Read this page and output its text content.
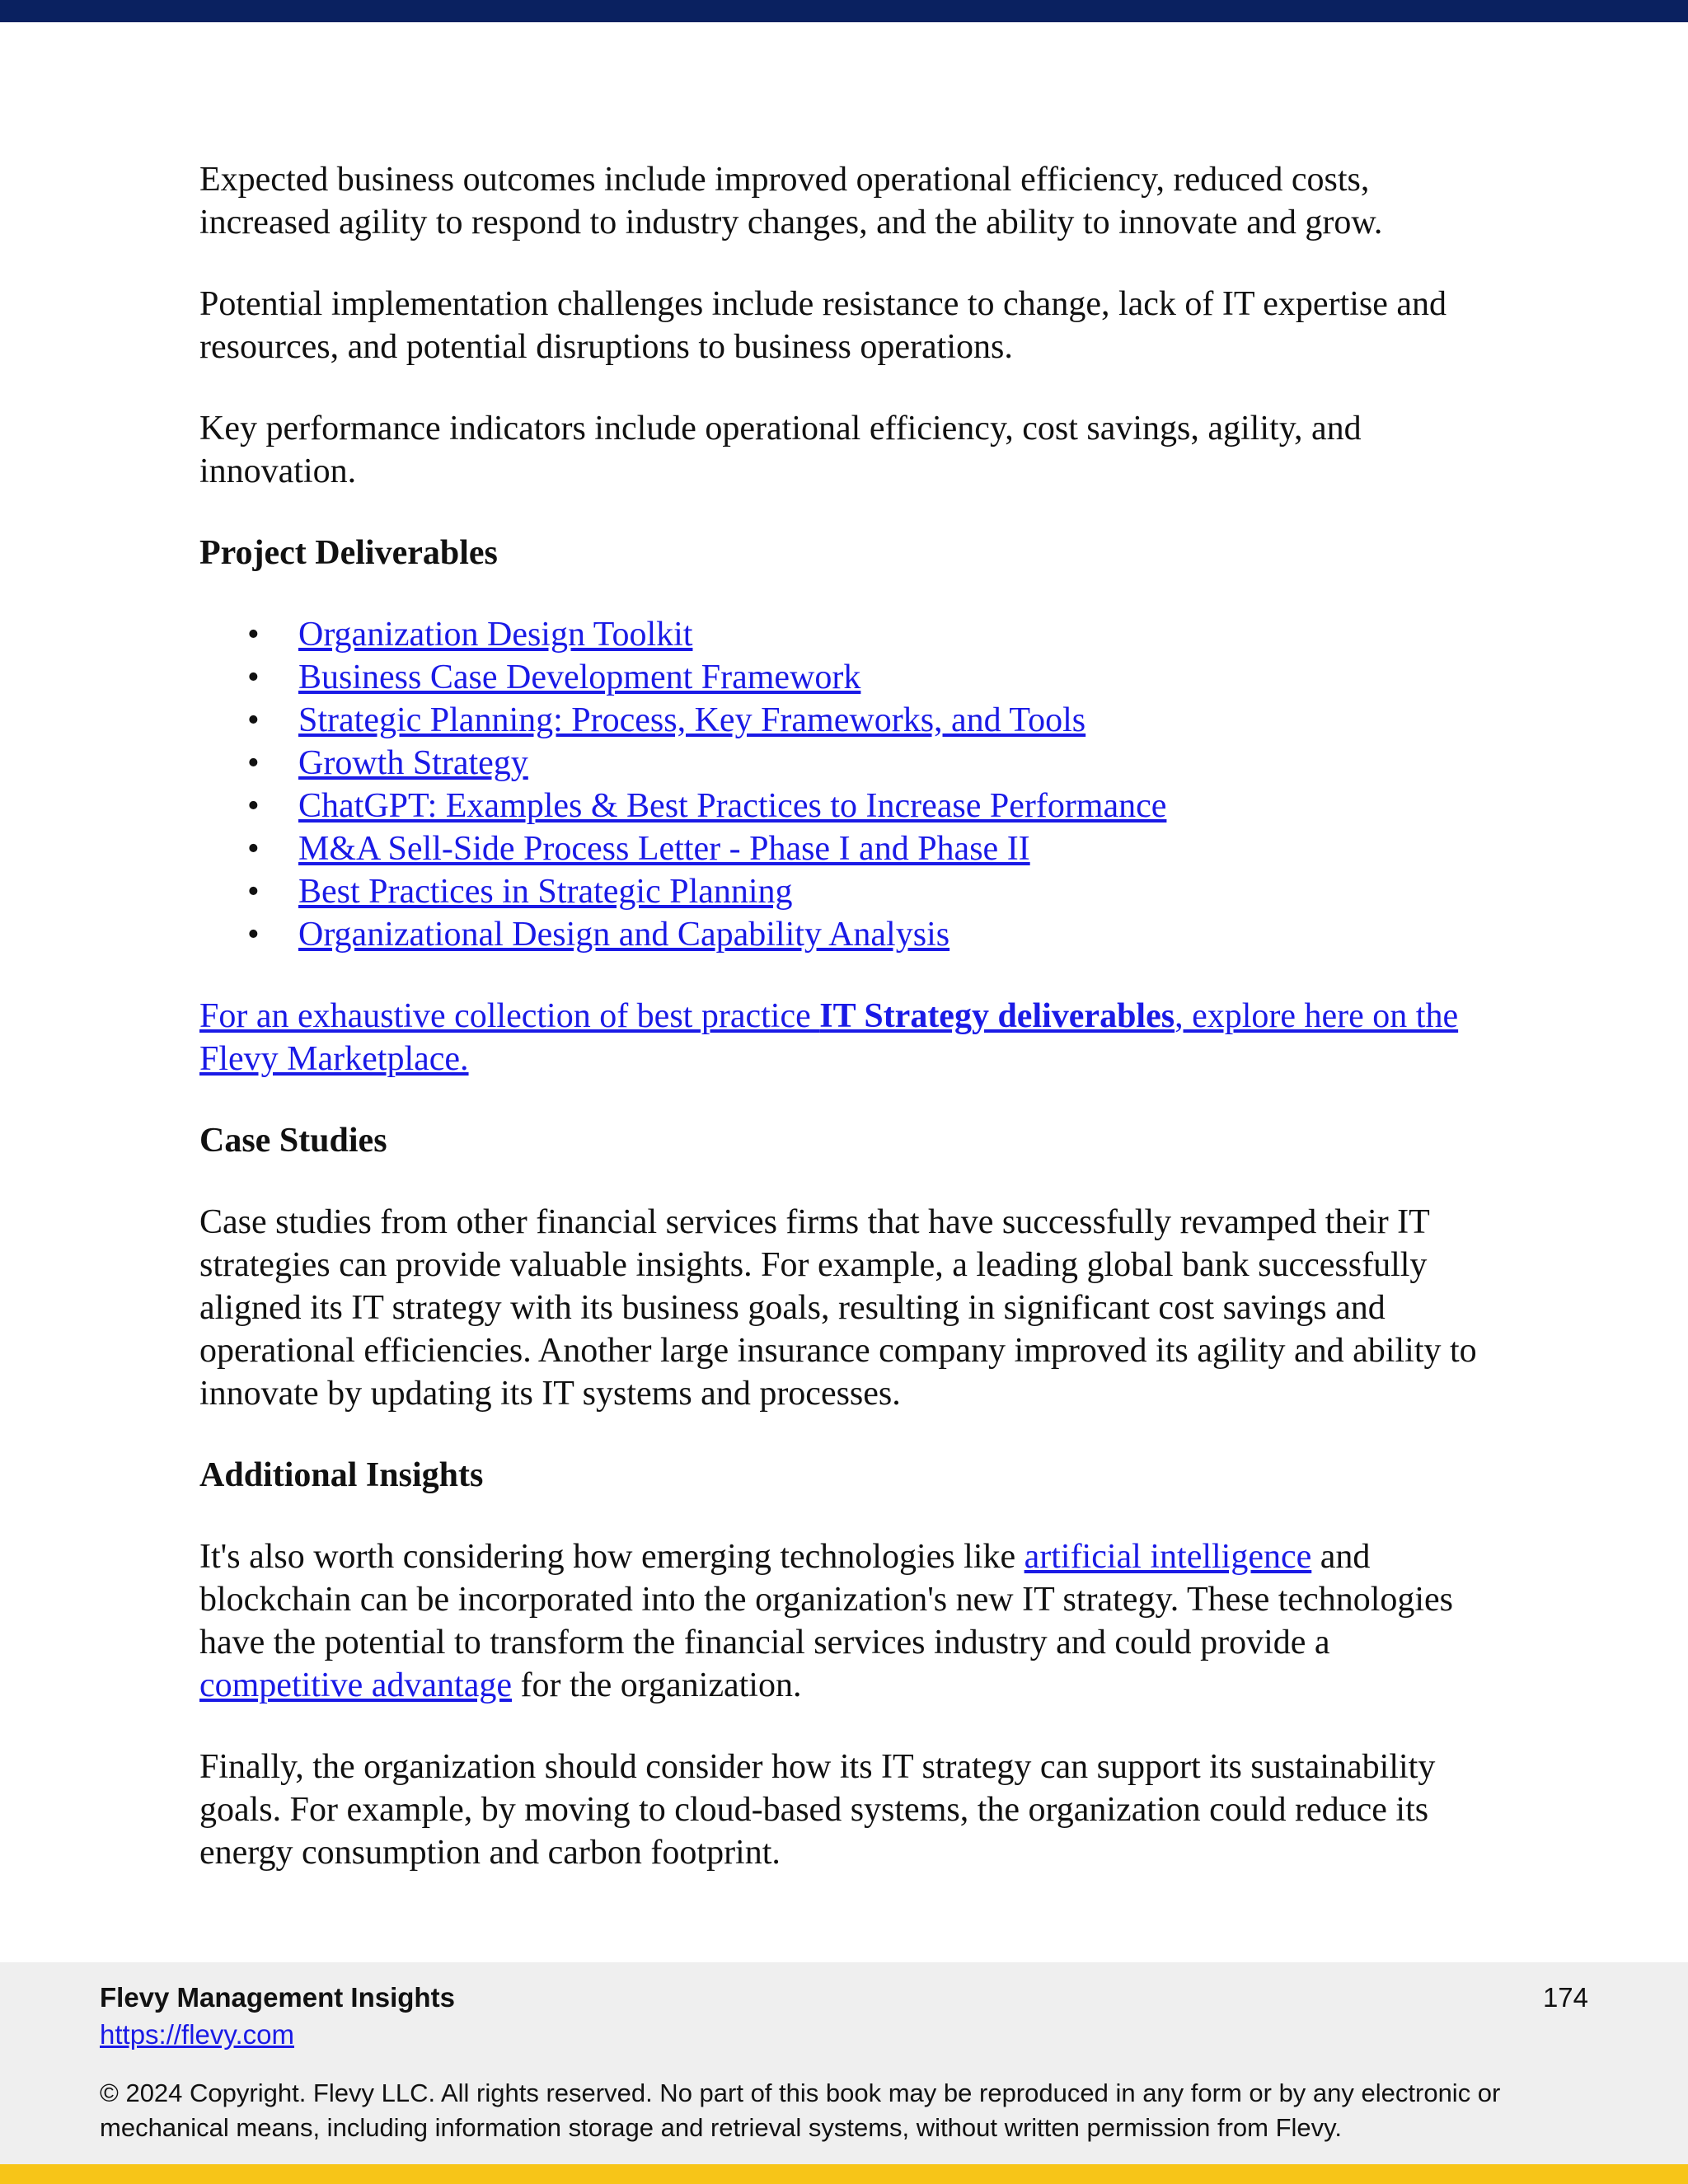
Expected business outcomes include improved operational efficiency, reduced costs, increased agility to respond to industry changes, and the ability to innovate and grow.

Potential implementation challenges include resistance to change, lack of IT expertise and resources, and potential disruptions to business operations.

Key performance indicators include operational efficiency, cost savings, agility, and innovation.

Project Deliverables
• Organization Design Toolkit
• Business Case Development Framework
• Strategic Planning: Process, Key Frameworks, and Tools
• Growth Strategy
• ChatGPT: Examples & Best Practices to Increase Performance
• M&A Sell-Side Process Letter - Phase I and Phase II
• Best Practices in Strategic Planning
• Organizational Design and Capability Analysis

For an exhaustive collection of best practice IT Strategy deliverables, explore here on the Flevy Marketplace.

Case Studies

Case studies from other financial services firms that have successfully revamped their IT strategies can provide valuable insights. For example, a leading global bank successfully aligned its IT strategy with its business goals, resulting in significant cost savings and operational efficiencies. Another large insurance company improved its agility and ability to innovate by updating its IT systems and processes.

Additional Insights

It's also worth considering how emerging technologies like artificial intelligence and blockchain can be incorporated into the organization's new IT strategy. These technologies have the potential to transform the financial services industry and could provide a competitive advantage for the organization.

Finally, the organization should consider how its IT strategy can support its sustainability goals. For example, by moving to cloud-based systems, the organization could reduce its energy consumption and carbon footprint.

Flevy Management Insights
https://flevy.com
174
© 2024 Copyright. Flevy LLC. All rights reserved. No part of this book may be reproduced in any form or by any electronic or mechanical means, including information storage and retrieval systems, without written permission from Flevy.
